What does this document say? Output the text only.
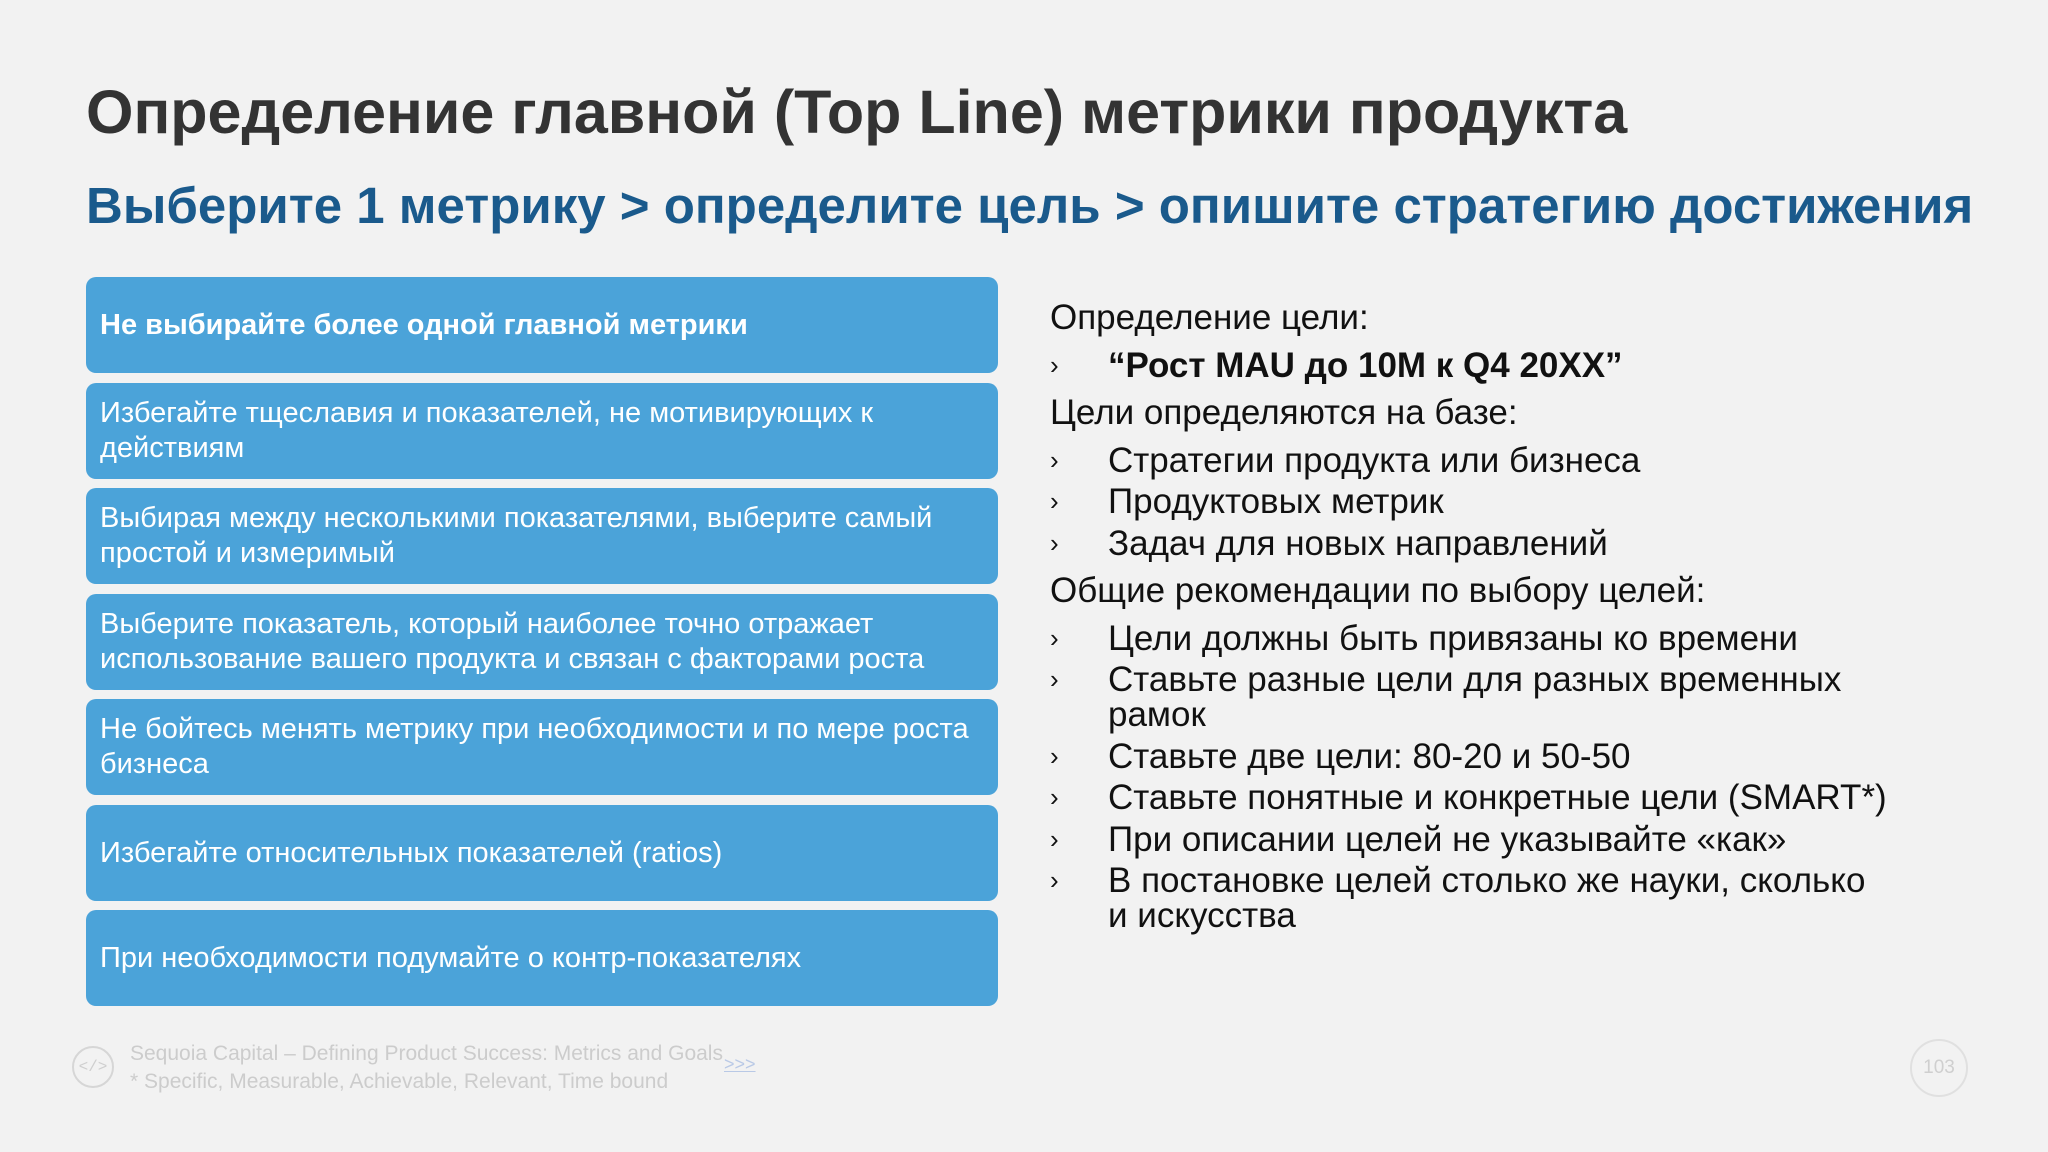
Определение главной (Top Line) метрики продукта
Выберите 1 метрику > определите цель > опишите стратегию достижения
Не выбирайте более одной главной метрики
Избегайте тщеславия и показателей, не мотивирующих к
действиям
Выбирая между несколькими показателями, выберите самый
простой и измеримый
Выберите показатель, который наиболее точно отражает
использование вашего продукта и связан с факторами роста
Не бойтесь менять метрику при необходимости и по мере роста
бизнеса
Избегайте относительных показателей (ratios)
При необходимости подумайте о контр-показателях
Определение цели:
› “Рост MAU до 10M к Q4 20XX”
Цели определяются на базе:
› Стратегии продукта или бизнеса
› Продуктовых метрик
› Задач для новых направлений
Общие рекомендации по выбору целей:
› Цели должны быть привязаны ко времени
› Ставьте разные цели для разных временных
рамок
› Ставьте две цели: 80-20 и 50-50
› Ставьте понятные и конкретные цели (SMART*)
› При описании целей не указывайте «как»
› В постановке целей столько же науки, сколько
и искусства
</>
Sequoia Capital – Defining Product Success: Metrics and Goals
* Specific, Measurable, Achievable, Relevant, Time bound
>>>	103
